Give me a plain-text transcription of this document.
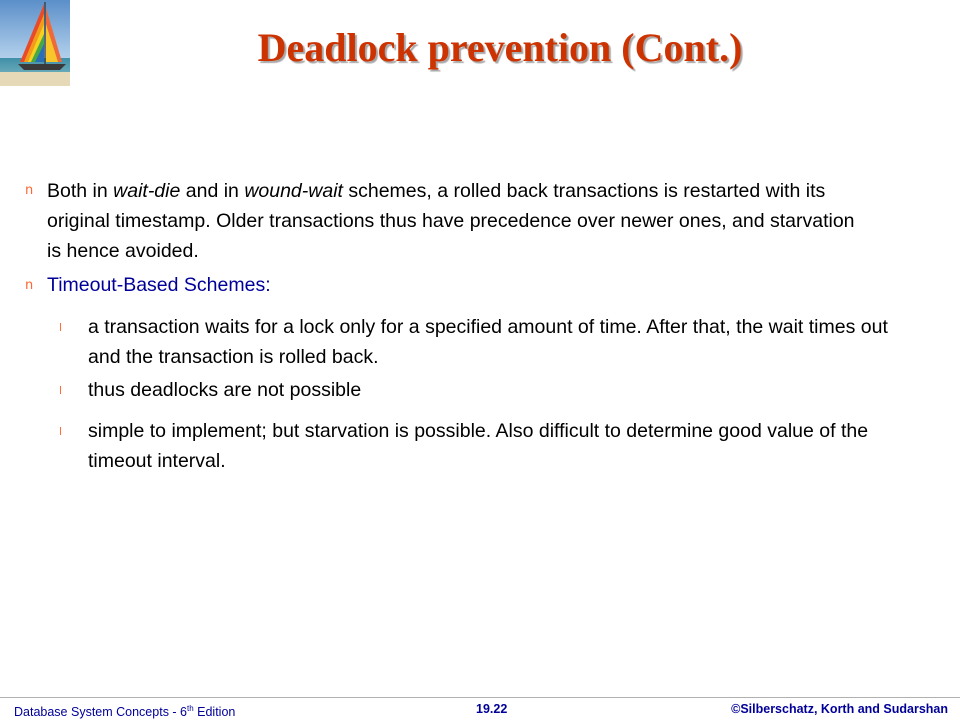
Deadlock prevention (Cont.)
n Both in wait-die and in wound-wait schemes, a rolled back transactions is restarted with its original timestamp. Older transactions thus have precedence over newer ones, and starvation is hence avoided.

n Timeout-Based Schemes:

l a transaction waits for a lock only for a specified amount of time. After that, the wait times out and the transaction is rolled back.

l thus deadlocks are not possible

l simple to implement; but starvation is possible. Also difficult to determine good value of the timeout interval.

Database System Concepts - 6th Edition	19.22	©Silberschatz, Korth and Sudarshan
